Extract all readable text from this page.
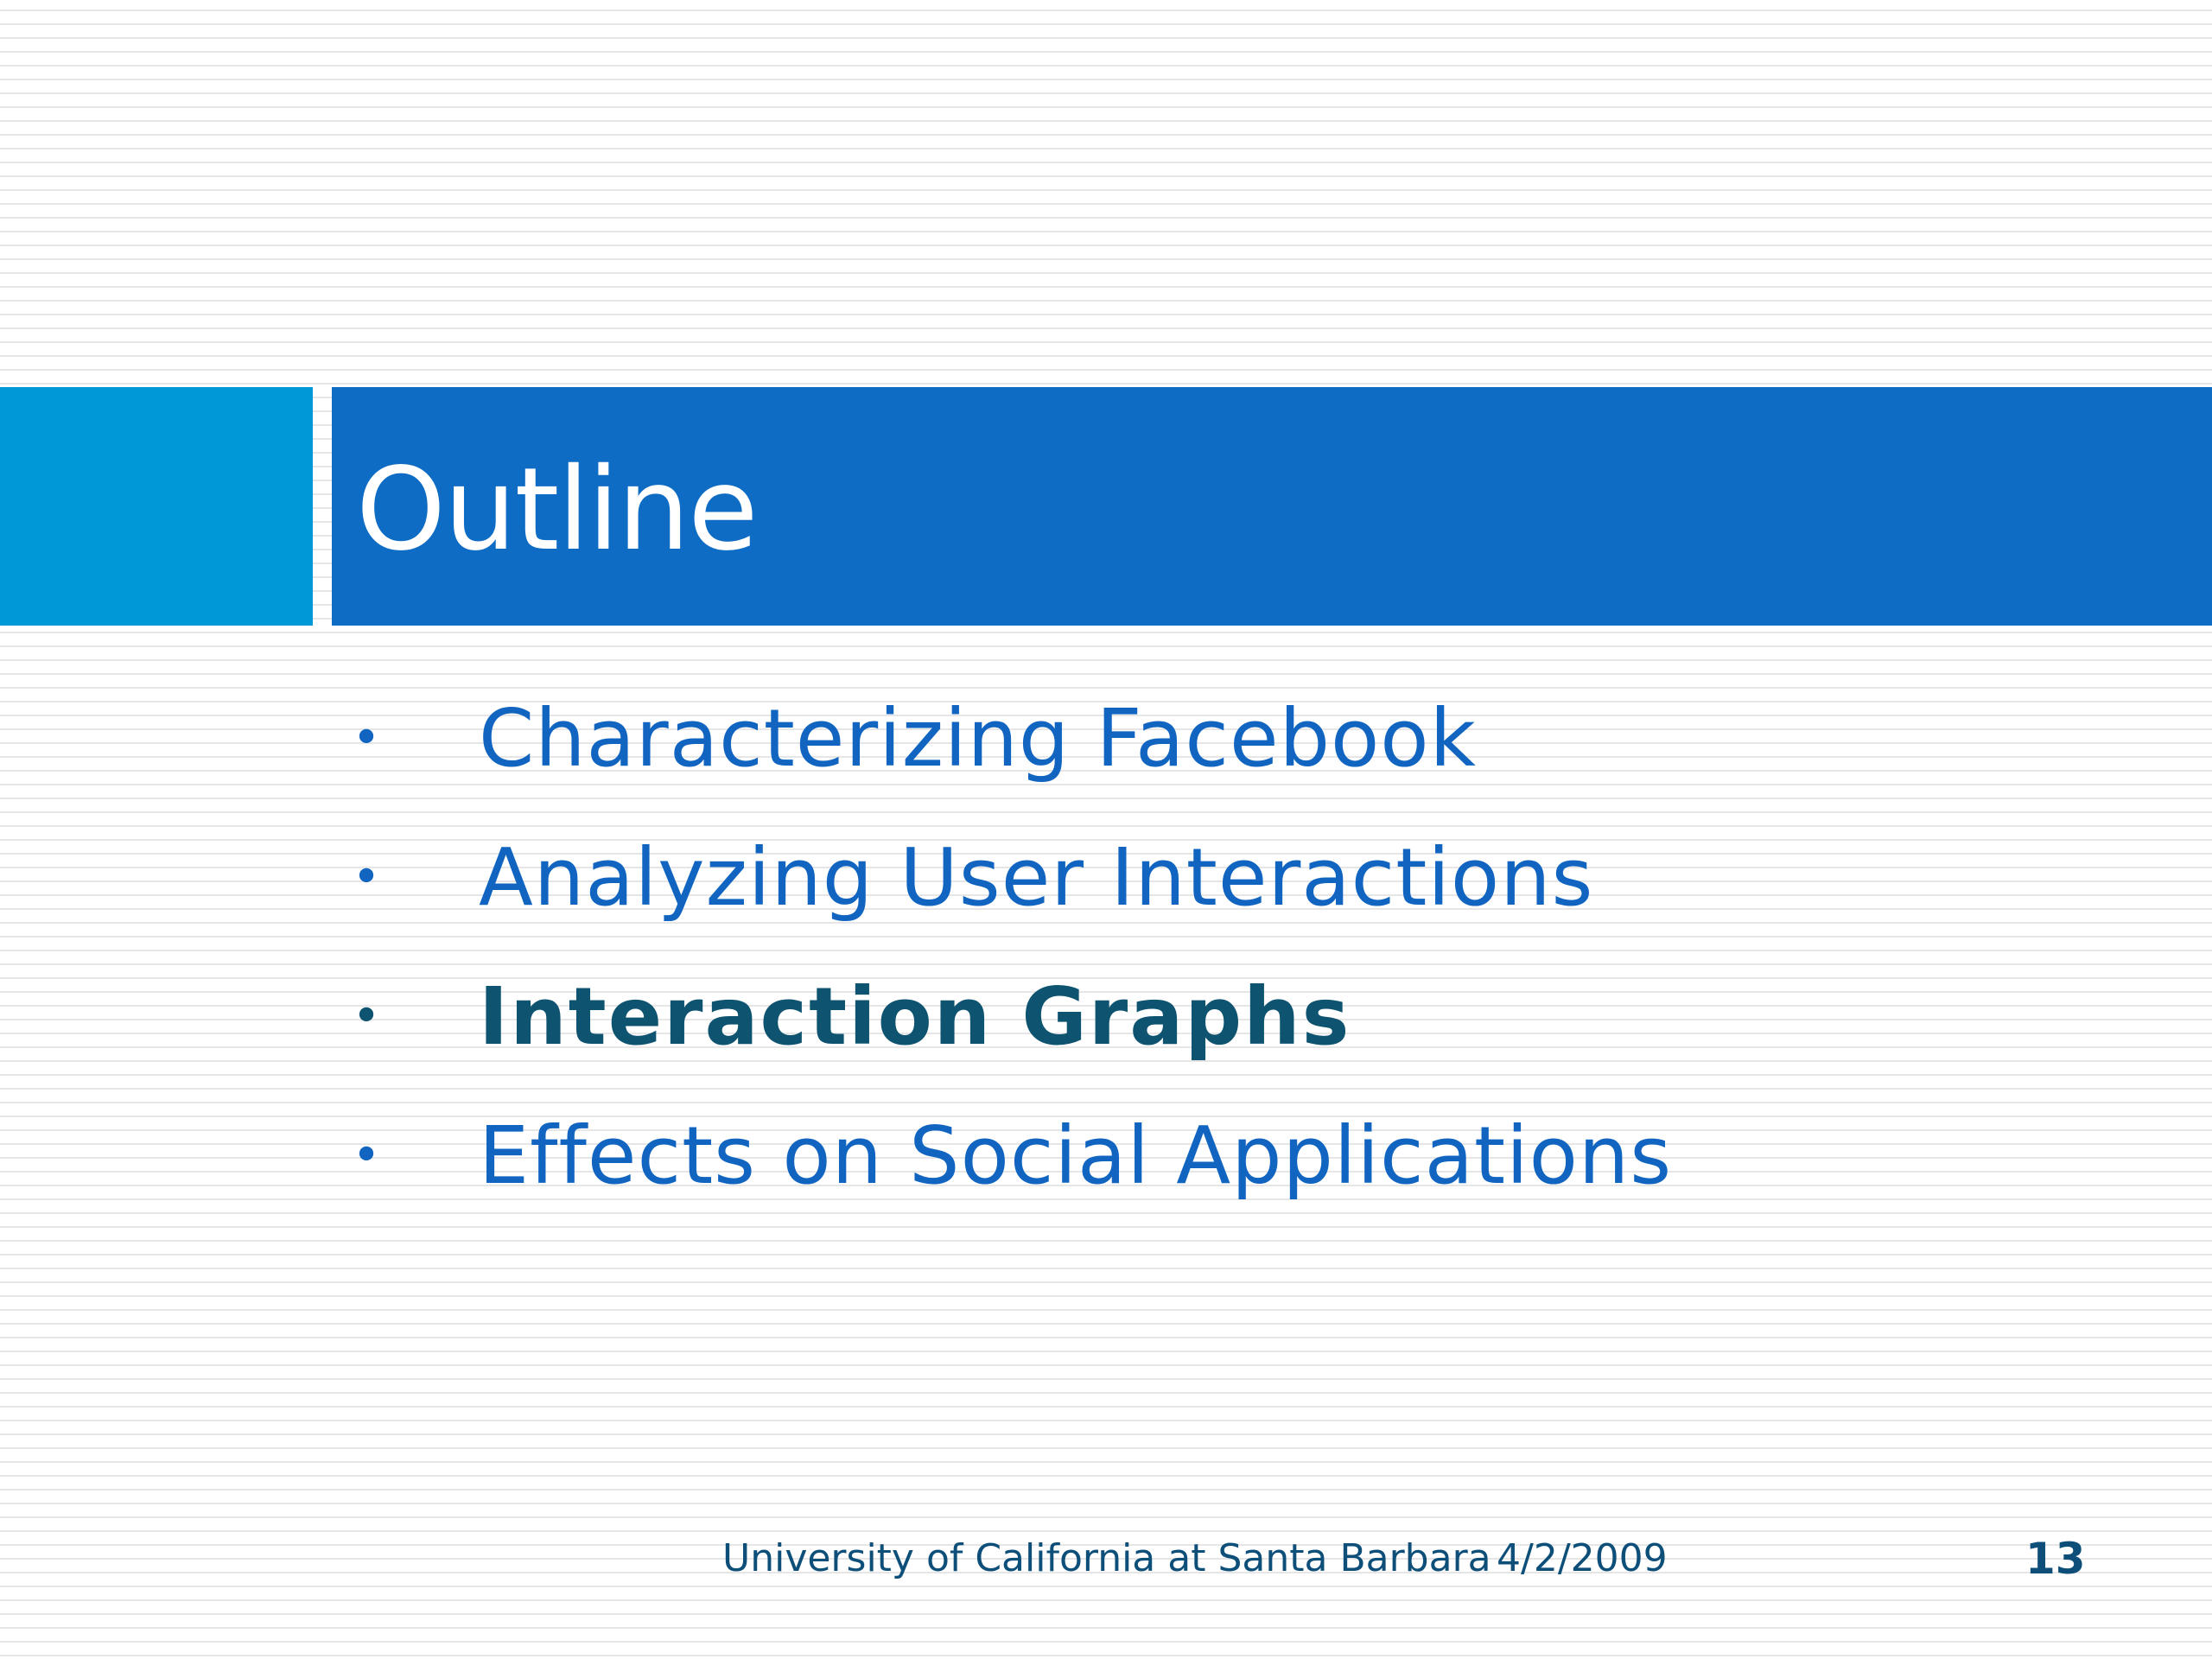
Outline
• Characterizing Facebook
• Analyzing User Interactions
• Interaction Graphs
• Effects on Social Applications
University of California at Santa Barbara 4/2/2009	13
